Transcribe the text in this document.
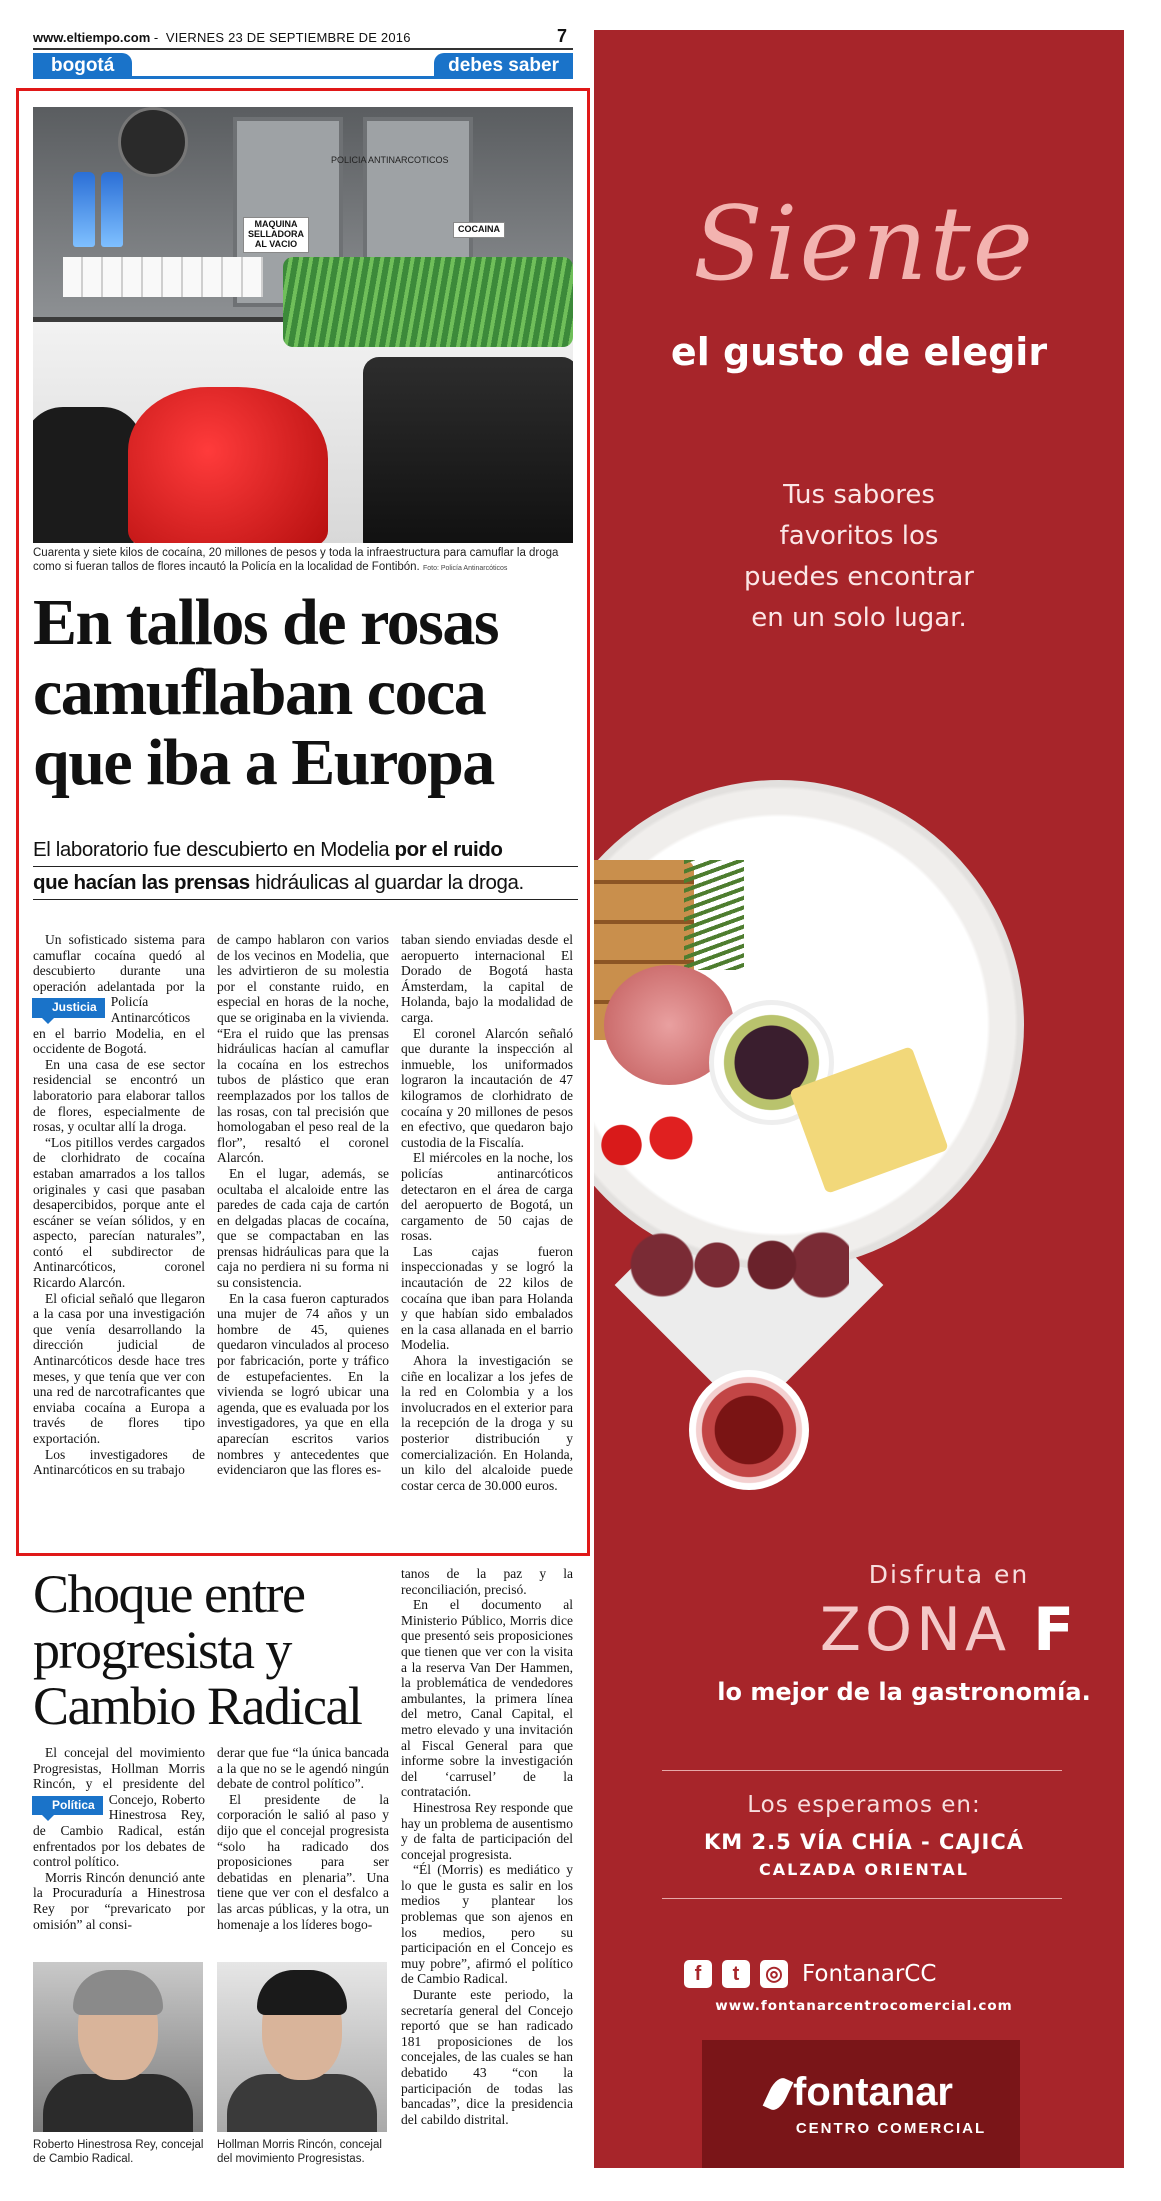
www.eltiempo.com - VIERNES 23 DE SEPTIEMBRE DE 2016	7
bogotá	debes saber
POLICIA ANTINARCOTICOS
MAQUINA SELLADORA AL VACIO
COCAINA
Cuarenta y siete kilos de cocaína, 20 millones de pesos y toda la infraestructura para camuflar la droga como si fueran tallos de flores incautó la Policía en la localidad de Fontibón. Foto: Policía Antinarcóticos
En tallos de rosas camuflaban coca que iba a Europa
El laboratorio fue descubierto en Modelia por el ruido
que hacían las prensas hidráulicas al guardar la droga.

Un sofisticado sistema para camuflar cocaína quedó al descubierto durante una operación adelantada por
Justicia
la Policía Antinarcóticos en el barrio Modelia, en el occidente de Bogotá.

En una casa de ese sector residencial se encontró un laboratorio para elaborar tallos de flores, especialmente de rosas, y ocultar allí la droga.

“Los pitillos verdes cargados de clorhidrato de cocaína estaban amarrados a los tallos originales y casi que pasaban desapercibidos, porque ante el escáner se veían sólidos, y en aspecto, parecían naturales”, contó el subdirector de Antinarcóticos, coronel Ricardo Alarcón.

El oficial señaló que llegaron a la casa por una investigación que venía desarrollando la dirección judicial de Antinarcóticos desde hace tres meses, y que tenía que ver con una red de narcotraficantes que enviaba cocaína a Europa a través de flores tipo exportación.

Los investigadores de Antinarcóticos en su trabajo

de campo hablaron con varios de los vecinos en Modelia, que les advirtieron de su molestia por el constante ruido, en especial en horas de la noche, que se originaba en la vivienda. “Era el ruido que las prensas hidráulicas hacían al camuflar la cocaína en los estrechos tubos de plástico que eran reemplazados por los tallos de las rosas, con tal precisión que homologaban el peso real de la flor”, resaltó el coronel Alarcón.

En el lugar, además, se ocultaba el alcaloide entre las paredes de cada caja de cartón en delgadas placas de cocaína, que se compactaban en las prensas hidráulicas para que la caja no perdiera ni su forma ni su consistencia.

En la casa fueron capturados una mujer de 74 años y un hombre de 45, quienes quedaron vinculados al proceso por fabricación, porte y tráfico de estupefacientes. En la vivienda se logró ubicar una agenda, que es evaluada por los investigadores, ya que en ella aparecían escritos varios nombres y antecedentes que evidenciaron que las flores es-

taban siendo enviadas desde el aeropuerto internacional El Dorado de Bogotá hasta Ámsterdam, la capital de Holanda, bajo la modalidad de carga.

El coronel Alarcón señaló que durante la inspección al inmueble, los uniformados lograron la incautación de 47 kilogramos de clorhidrato de cocaína y 20 millones de pesos en efectivo, que quedaron bajo custodia de la Fiscalía.

El miércoles en la noche, los policías antinarcóticos detectaron en el área de carga del aeropuerto de Bogotá, un cargamento de 50 cajas de rosas.

Las cajas fueron inspeccionadas y se logró la incautación de 22 kilos de cocaína que iban para Holanda y que habían sido embalados en la casa allanada en el barrio Modelia.

Ahora la investigación se ciñe en localizar a los jefes de la red en Colombia y a los involucrados en el exterior para la recepción de la droga y su posterior distribución y comercialización. En Holanda, un kilo del alcaloide puede costar cerca de 30.000 euros.

Choque entre progresista y Cambio Radical

El concejal del movimiento Progresistas, Hollman Morris Rincón, y el presidente del Concejo, Roberto
Política
Hinestrosa Rey, de Cambio Radical, están enfrentados por los debates de control político.

Morris Rincón denunció ante la Procuraduría a Hinestrosa Rey por “prevaricato por omisión” al consi-

derar que fue “la única bancada a la que no se le agendó ningún debate de control político”.

El presidente de la corporación le salió al paso y dijo que el concejal progresista “solo ha radicado dos proposiciones para ser debatidas en plenaria”. Una tiene que ver con el desfalco a las arcas públicas, y la otra, un homenaje a los líderes bogo-

tanos de la paz y la reconciliación, precisó.

En el documento al Ministerio Público, Morris dice que presentó seis proposiciones que tienen que ver con la visita a la reserva Van Der Hammen, la problemática de vendedores ambulantes, la primera línea del metro, Canal Capital, el metro elevado y una invitación al Fiscal General para que informe sobre la investigación del ‘carrusel’ de la contratación.

Hinestrosa Rey responde que hay un problema de ausentismo y de falta de participación del concejal progresista.

“Él (Morris) es mediático y lo que le gusta es salir en los medios y plantear los problemas que son ajenos en los medios, pero su participación en el Concejo es muy pobre”, afirmó el político de Cambio Radical.

Durante este periodo, la secretaría general del Concejo reportó que se han radicado 181 proposiciones de los concejales, de las cuales se han debatido 43 “con la participación de todas las bancadas”, dice la presidencia del cabildo distrital.

Roberto Hinestrosa Rey, concejal de Cambio Radical.
Hollman Morris Rincón, concejal del movimiento Progresistas.
Siente
el gusto de elegir
Tus sabores
favoritos los
puedes encontrar
en un solo lugar.
Disfruta en
ZONA F
lo mejor de la gastronomía.
Los esperamos en:
KM 2.5 VÍA CHÍA - CAJICÁ
CALZADA ORIENTAL
f	t	◎ FontanarCC
www.fontanarcentrocomercial.com
fontanar
CENTRO COMERCIAL
